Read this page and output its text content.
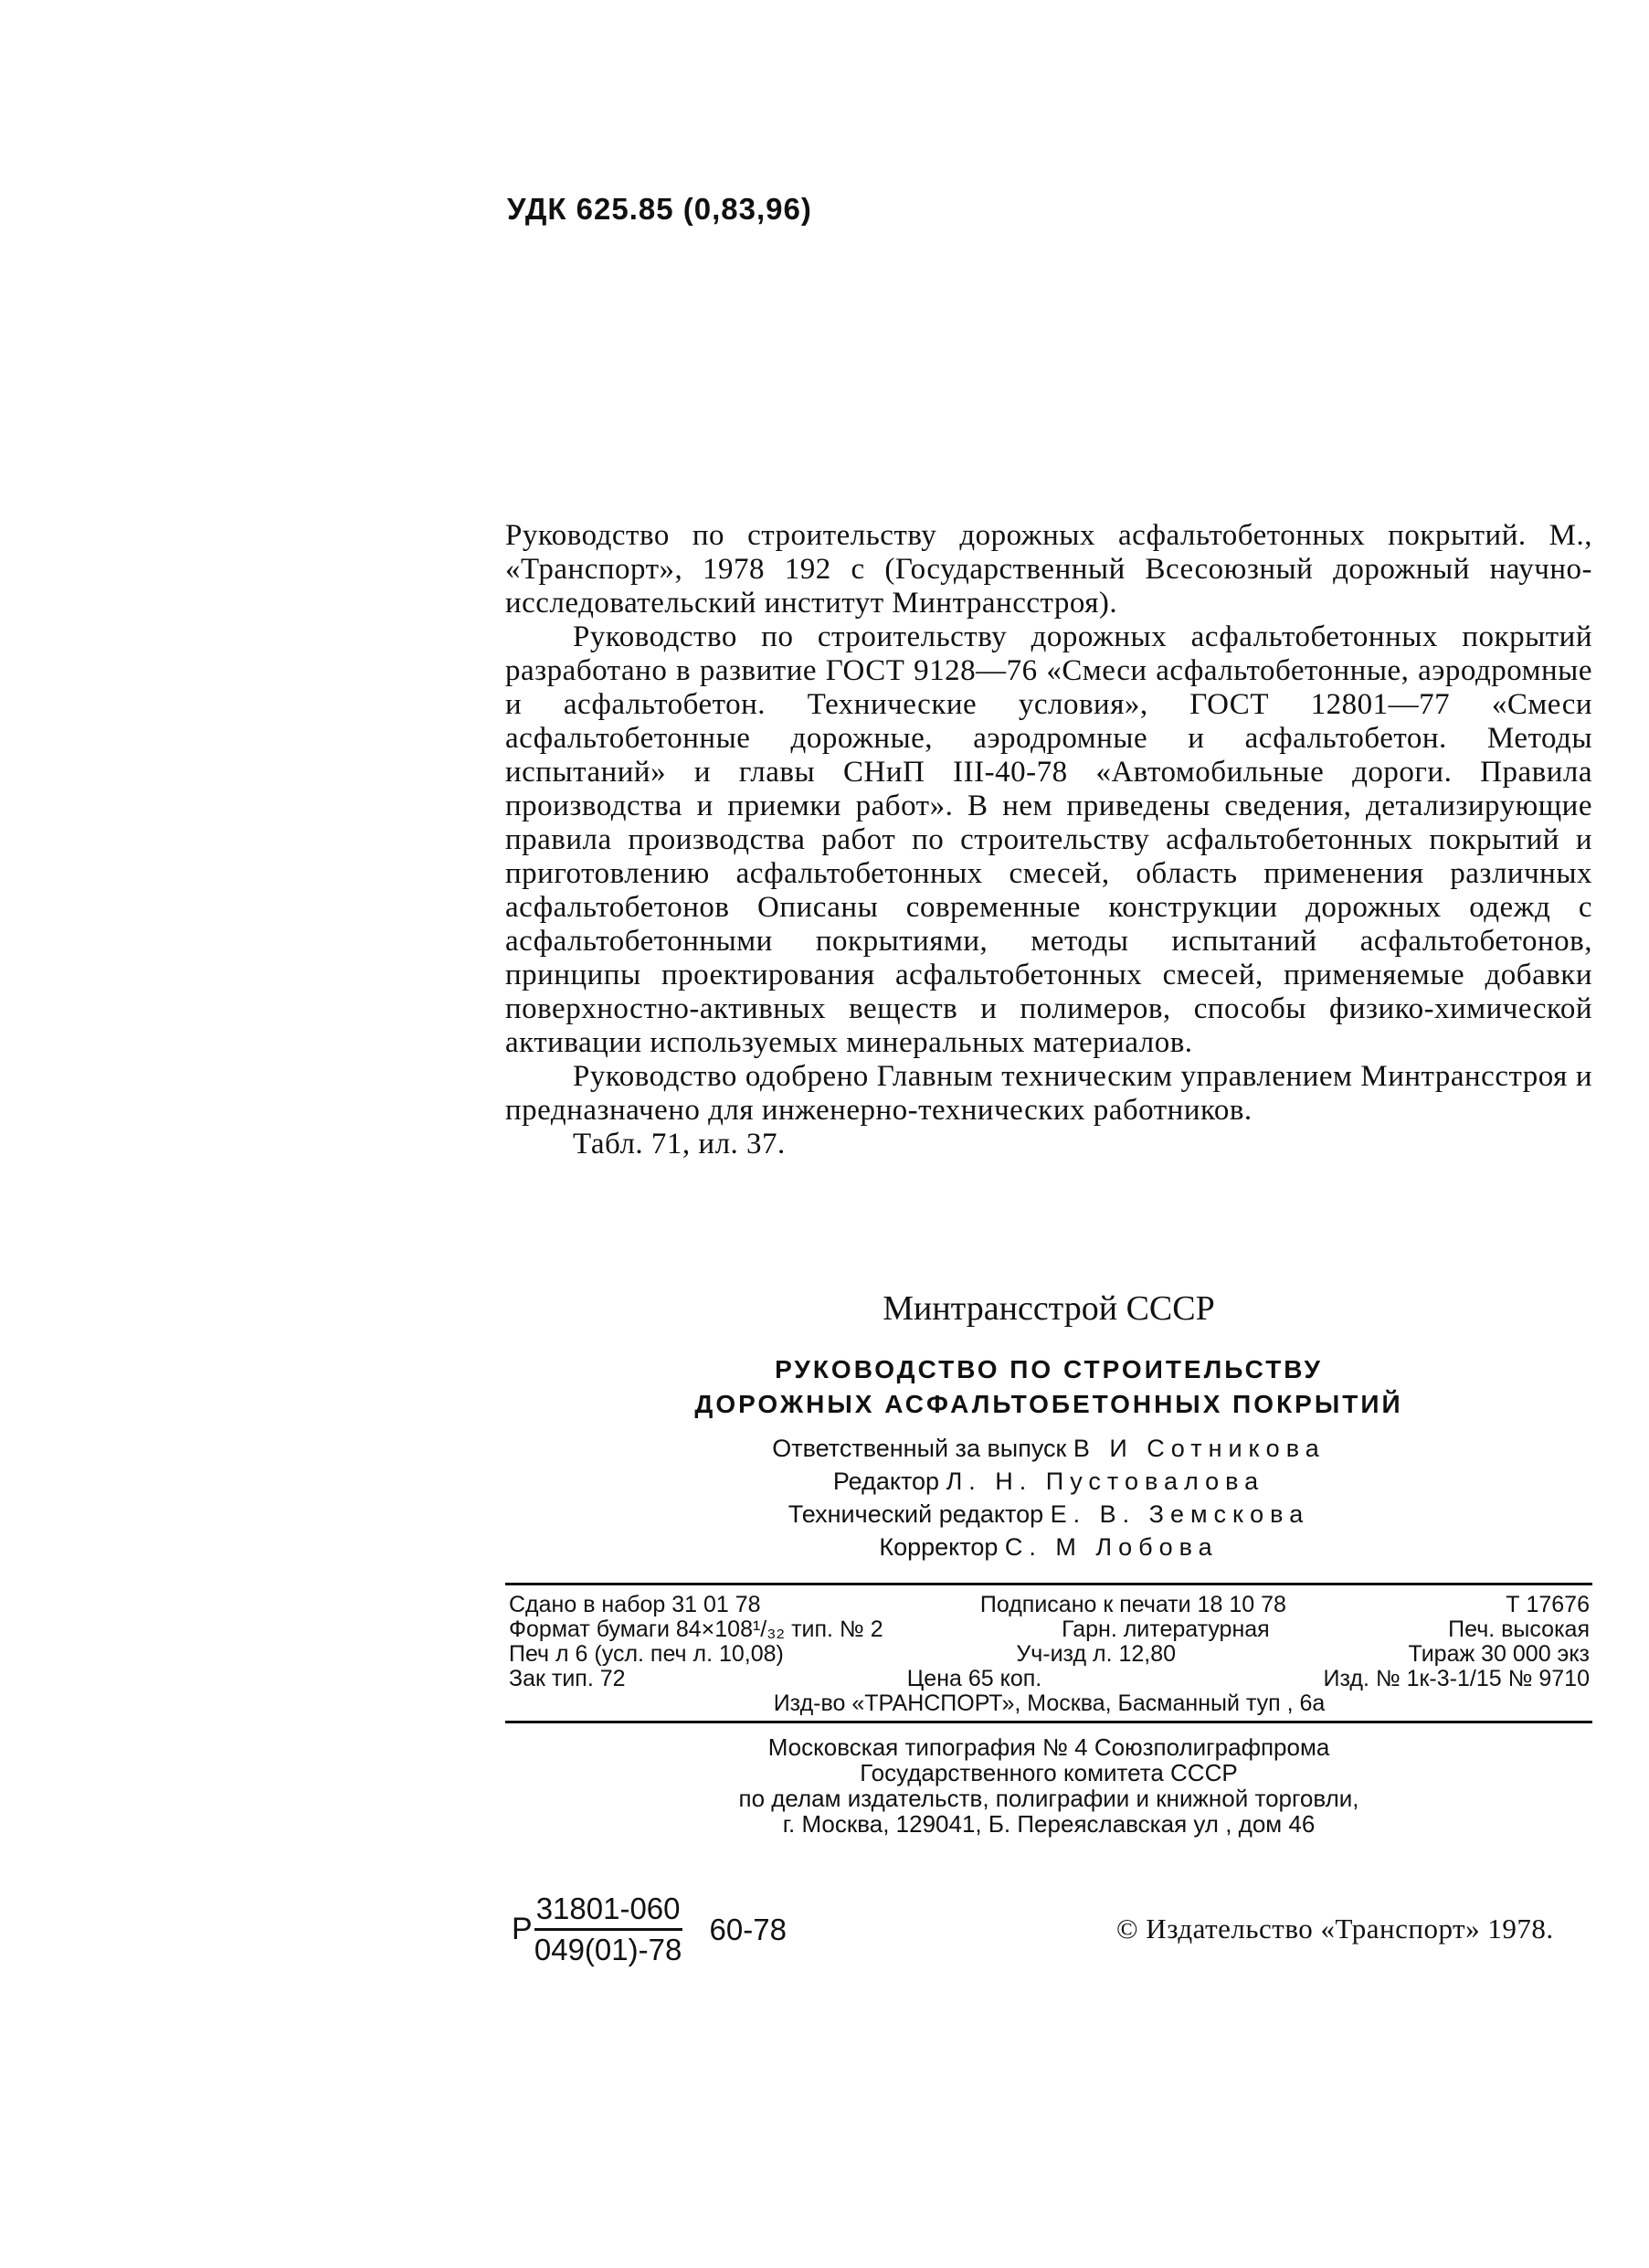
УДК 625.85 (0,83,96)

Руководство по строительству дорожных асфальтобетонных покрытий. М., «Транспорт», 1978 192 с (Государственный Всесоюзный дорожный научно-исследовательский институт Минтрансстроя).

Руководство по строительству дорожных асфальтобетонных покрытий разработано в развитие ГОСТ 9128—76 «Смеси асфальтобетонные, аэродромные и асфальтобетон. Технические условия», ГОСТ 12801—77 «Смеси асфальтобетонные дорожные, аэродромные и асфальтобетон. Методы испытаний» и главы СНиП III-40-78 «Автомобильные дороги. Правила производства и приемки работ». В нем приведены сведения, детализирующие правила производства работ по строительству асфальтобетонных покрытий и приготовлению асфальтобетонных смесей, область применения различных асфальтобетонов Описаны современные конструкции дорожных одежд с асфальтобетонными покрытиями, методы испытаний асфальтобетонов, принципы проектирования асфальтобетонных смесей, применяемые добавки поверхностно-активных веществ и полимеров, способы физико-химической активации используемых минеральных материалов.

Руководство одобрено Главным техническим управлением Минтрансстроя и предназначено для инженерно-технических работников.

Табл. 71, ил. 37.

Минтрансстрой СССР
РУКОВОДСТВО ПО СТРОИТЕЛЬСТВУ
ДОРОЖНЫХ АСФАЛЬТОБЕТОННЫХ ПОКРЫТИЙ
Ответственный за выпуск В И Сотникова
Редактор Л. Н. Пустовалова
Технический редактор Е. В. Земскова
Корректор С. М Лобова
Сдано в набор 31 01 78	Подписано к печати 18 10 78	Т 17676
Формат бумаги 84×108¹/₃₂ тип. № 2	Гарн. литературная	Печ. высокая
Печ л 6 (усл. печ л. 10,08)	Уч-изд л. 12,80	Тираж 30 000 экз
Зак тип. 72	Цена 65 коп.	Изд. № 1к-3-1/15 № 9710
Изд-во «ТРАНСПОРТ», Москва, Басманный туп , 6а
Московская типография № 4 Союзполиграфпрома
Государственного комитета СССР
по делам издательств, полиграфии и книжной торговли,
г. Москва, 129041, Б. Переяславская ул , дом 46
Р $\frac{31801-060}{049(01)-78} 60-78$	© Издательство «Транспорт» 1978.
